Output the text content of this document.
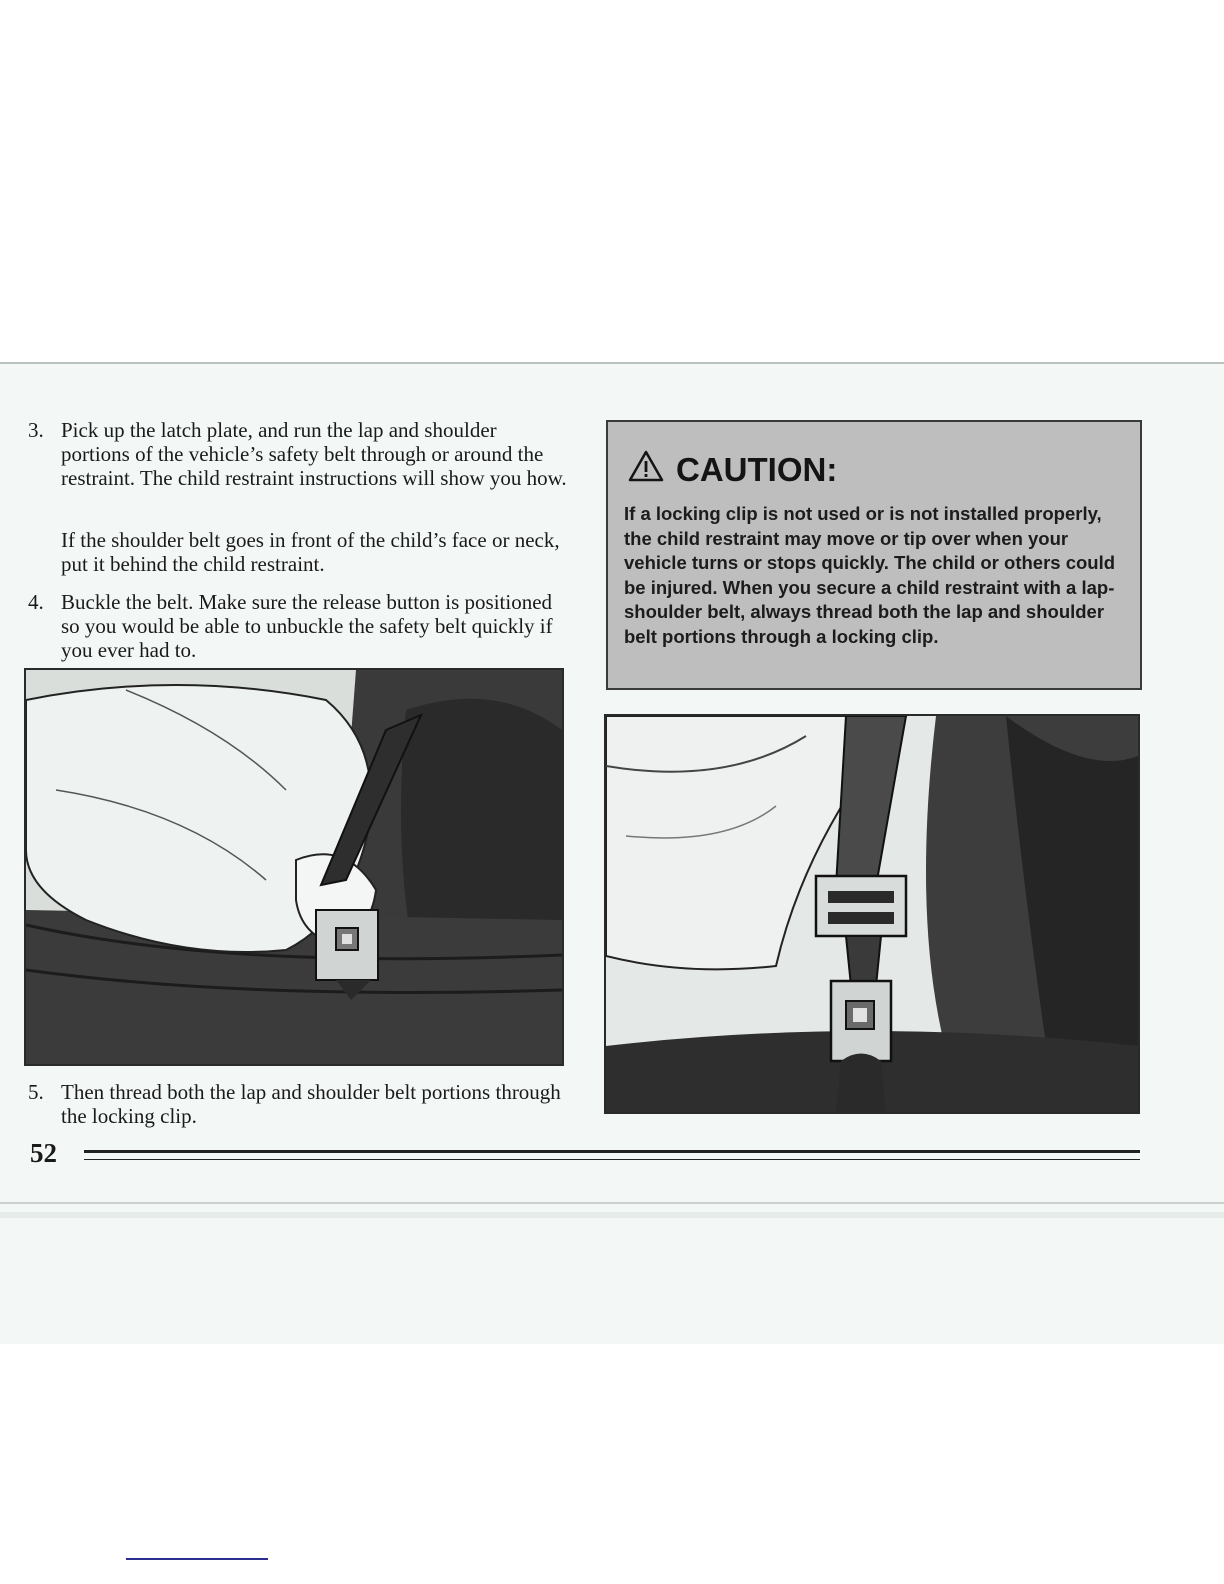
3. Pick up the latch plate, and run the lap and shoulder portions of the vehicle’s safety belt through or around the restraint. The child restraint instructions will show you how.
If the shoulder belt goes in front of the child’s face or neck, put it behind the child restraint.
4. Buckle the belt. Make sure the release button is positioned so you would be able to unbuckle the safety belt quickly if you ever had to.
5. Then thread both the lap and shoulder belt portions through the locking clip.
CAUTION:
If a locking clip is not used or is not installed properly, the child restraint may move or tip over when your vehicle turns or stops quickly. The child or others could be injured. When you secure a child restraint with a lap-shoulder belt, always thread both the lap and shoulder belt portions through a locking clip.
52
